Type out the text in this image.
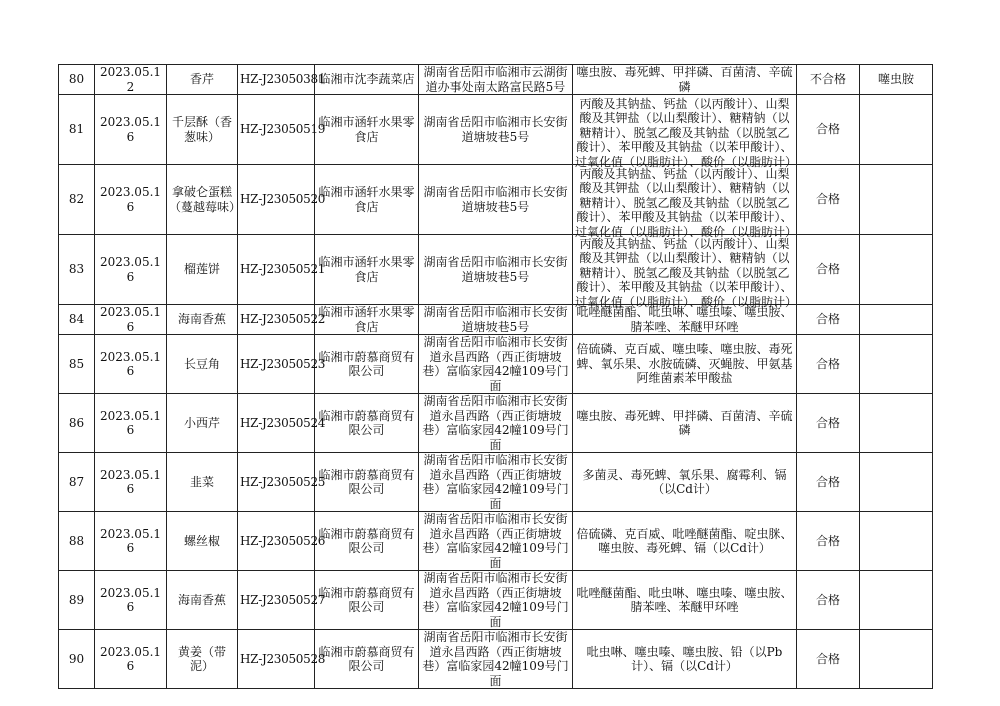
80	2023.05.12	香芹	HZ-J23050381	临湘市沈李蔬菜店	湖南省岳阳市临湘市云湖街道办事处南太路富民路5号	噻虫胺、毒死蜱、甲拌磷、百菌清、辛硫磷	不合格	噻虫胺
81	2023.05.16	千层酥（香葱味）	HZ-J23050519	临湘市涵轩水果零食店	湖南省岳阳市临湘市长安街道塘坡巷5号	丙酸及其钠盐、钙盐（以丙酸计）、山梨酸及其钾盐（以山梨酸计）、糖精钠（以糖精计）、脱氢乙酸及其钠盐（以脱氢乙酸计）、苯甲酸及其钠盐（以苯甲酸计）、过氧化值（以脂肪计）、酸价（以脂肪计）	合格	
82	2023.05.16	拿破仑蛋糕（蔓越莓味）	HZ-J23050520	临湘市涵轩水果零食店	湖南省岳阳市临湘市长安街道塘坡巷5号	丙酸及其钠盐、钙盐（以丙酸计）、山梨酸及其钾盐（以山梨酸计）、糖精钠（以糖精计）、脱氢乙酸及其钠盐（以脱氢乙酸计）、苯甲酸及其钠盐（以苯甲酸计）、过氧化值（以脂肪计）、酸价（以脂肪计）	合格	
83	2023.05.16	榴莲饼	HZ-J23050521	临湘市涵轩水果零食店	湖南省岳阳市临湘市长安街道塘坡巷5号	丙酸及其钠盐、钙盐（以丙酸计）、山梨酸及其钾盐（以山梨酸计）、糖精钠（以糖精计）、脱氢乙酸及其钠盐（以脱氢乙酸计）、苯甲酸及其钠盐（以苯甲酸计）、过氧化值（以脂肪计）、酸价（以脂肪计）	合格	
84	2023.05.16	海南香蕉	HZ-J23050522	临湘市涵轩水果零食店	湖南省岳阳市临湘市长安街道塘坡巷5号	吡唑醚菌酯、吡虫啉、噻虫嗪、噻虫胺、腈苯唑、苯醚甲环唑	合格	
85	2023.05.16	长豆角	HZ-J23050523	临湘市蔚慕商贸有限公司	湖南省岳阳市临湘市长安街道永昌西路（西正街塘坡巷）富临家园42幢109号门面	倍硫磷、克百威、噻虫嗪、噻虫胺、毒死蜱、氧乐果、水胺硫磷、灭蝇胺、甲氨基阿维菌素苯甲酸盐	合格	
86	2023.05.16	小西芹	HZ-J23050524	临湘市蔚慕商贸有限公司	湖南省岳阳市临湘市长安街道永昌西路（西正街塘坡巷）富临家园42幢109号门面	噻虫胺、毒死蜱、甲拌磷、百菌清、辛硫磷	合格	
87	2023.05.16	韭菜	HZ-J23050525	临湘市蔚慕商贸有限公司	湖南省岳阳市临湘市长安街道永昌西路（西正街塘坡巷）富临家园42幢109号门面	多菌灵、毒死蜱、氧乐果、腐霉利、镉（以Cd计）	合格	
88	2023.05.16	螺丝椒	HZ-J23050526	临湘市蔚慕商贸有限公司	湖南省岳阳市临湘市长安街道永昌西路（西正街塘坡巷）富临家园42幢109号门面	倍硫磷、克百威、吡唑醚菌酯、啶虫脒、噻虫胺、毒死蜱、镉（以Cd计）	合格	
89	2023.05.16	海南香蕉	HZ-J23050527	临湘市蔚慕商贸有限公司	湖南省岳阳市临湘市长安街道永昌西路（西正街塘坡巷）富临家园42幢109号门面	吡唑醚菌酯、吡虫啉、噻虫嗪、噻虫胺、腈苯唑、苯醚甲环唑	合格	
90	2023.05.16	黄姜（带泥）	HZ-J23050528	临湘市蔚慕商贸有限公司	湖南省岳阳市临湘市长安街道永昌西路（西正街塘坡巷）富临家园42幢109号门面	吡虫啉、噻虫嗪、噻虫胺、铅（以Pb计）、镉（以Cd计）	合格	
